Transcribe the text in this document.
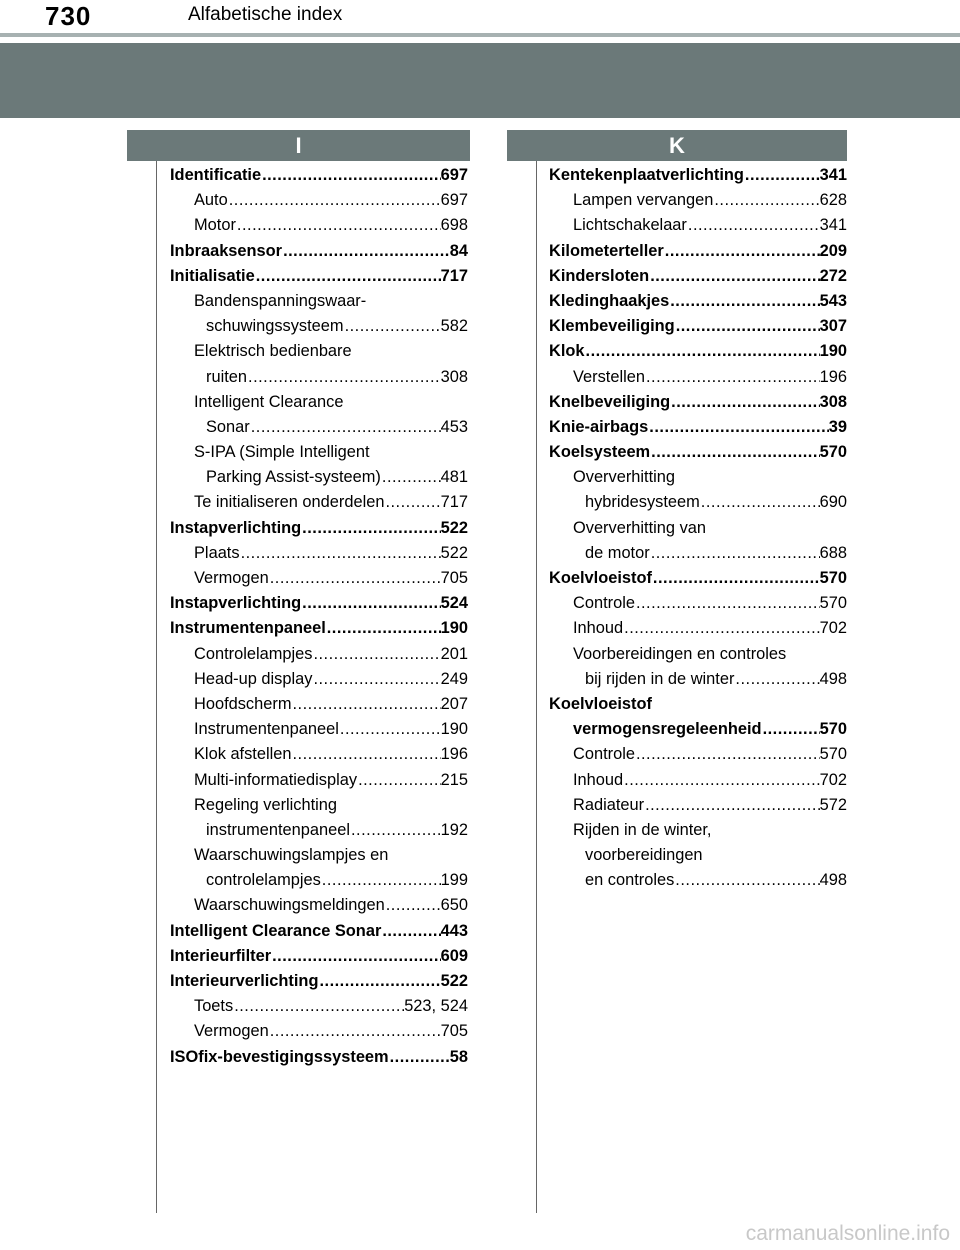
730	Alfabetische index
I	K
Identificatie .....	697
Auto .....	697
Motor .....	698
Inbraaksensor .....	84
Initialisatie .....	717
Bandenspanningswaar-
schuwingssysteem .....	582
Elektrisch bedienbare
ruiten .....	308
Intelligent Clearance
Sonar .....	453
S-IPA (Simple Intelligent
Parking Assist-systeem) .....	481
Te initialiseren onderdelen .....	717
Instapverlichting .....	522
Plaats .....	522
Vermogen .....	705
Instapverlichting .....	524
Instrumentenpaneel .....	190
Controlelampjes .....	201
Head-up display .....	249
Hoofdscherm .....	207
Instrumentenpaneel .....	190
Klok afstellen .....	196
Multi-informatiedisplay .....	215
Regeling verlichting
instrumentenpaneel .....	192
Waarschuwingslampjes en
controlelampjes .....	199
Waarschuwingsmeldingen .....	650
Intelligent Clearance Sonar .....	443
Interieurfilter .....	609
Interieurverlichting .....	522
Toets .....	523, 524
Vermogen .....	705
ISOfix-bevestigingssysteem .....	58
Kentekenplaatverlichting .....	341
Lampen vervangen .....	628
Lichtschakelaar .....	341
Kilometerteller .....	209
Kindersloten .....	272
Kledinghaakjes .....	543
Klembeveiliging .....	307
Klok .....	190
Verstellen .....	196
Knelbeveiliging .....	308
Knie-airbags .....	39
Koelsysteem .....	570
Oververhitting
hybridesysteem .....	690
Oververhitting van
de motor .....	688
Koelvloeistof .....	570
Controle .....	570
Inhoud .....	702
Voorbereidingen en controles
bij rijden in de winter .....	498
Koelvloeistof
vermogensregeleenheid .....	570
Controle .....	570
Inhoud .....	702
Radiateur .....	572
Rijden in de winter,
voorbereidingen
en controles .....	498
carmanualsonline.info
